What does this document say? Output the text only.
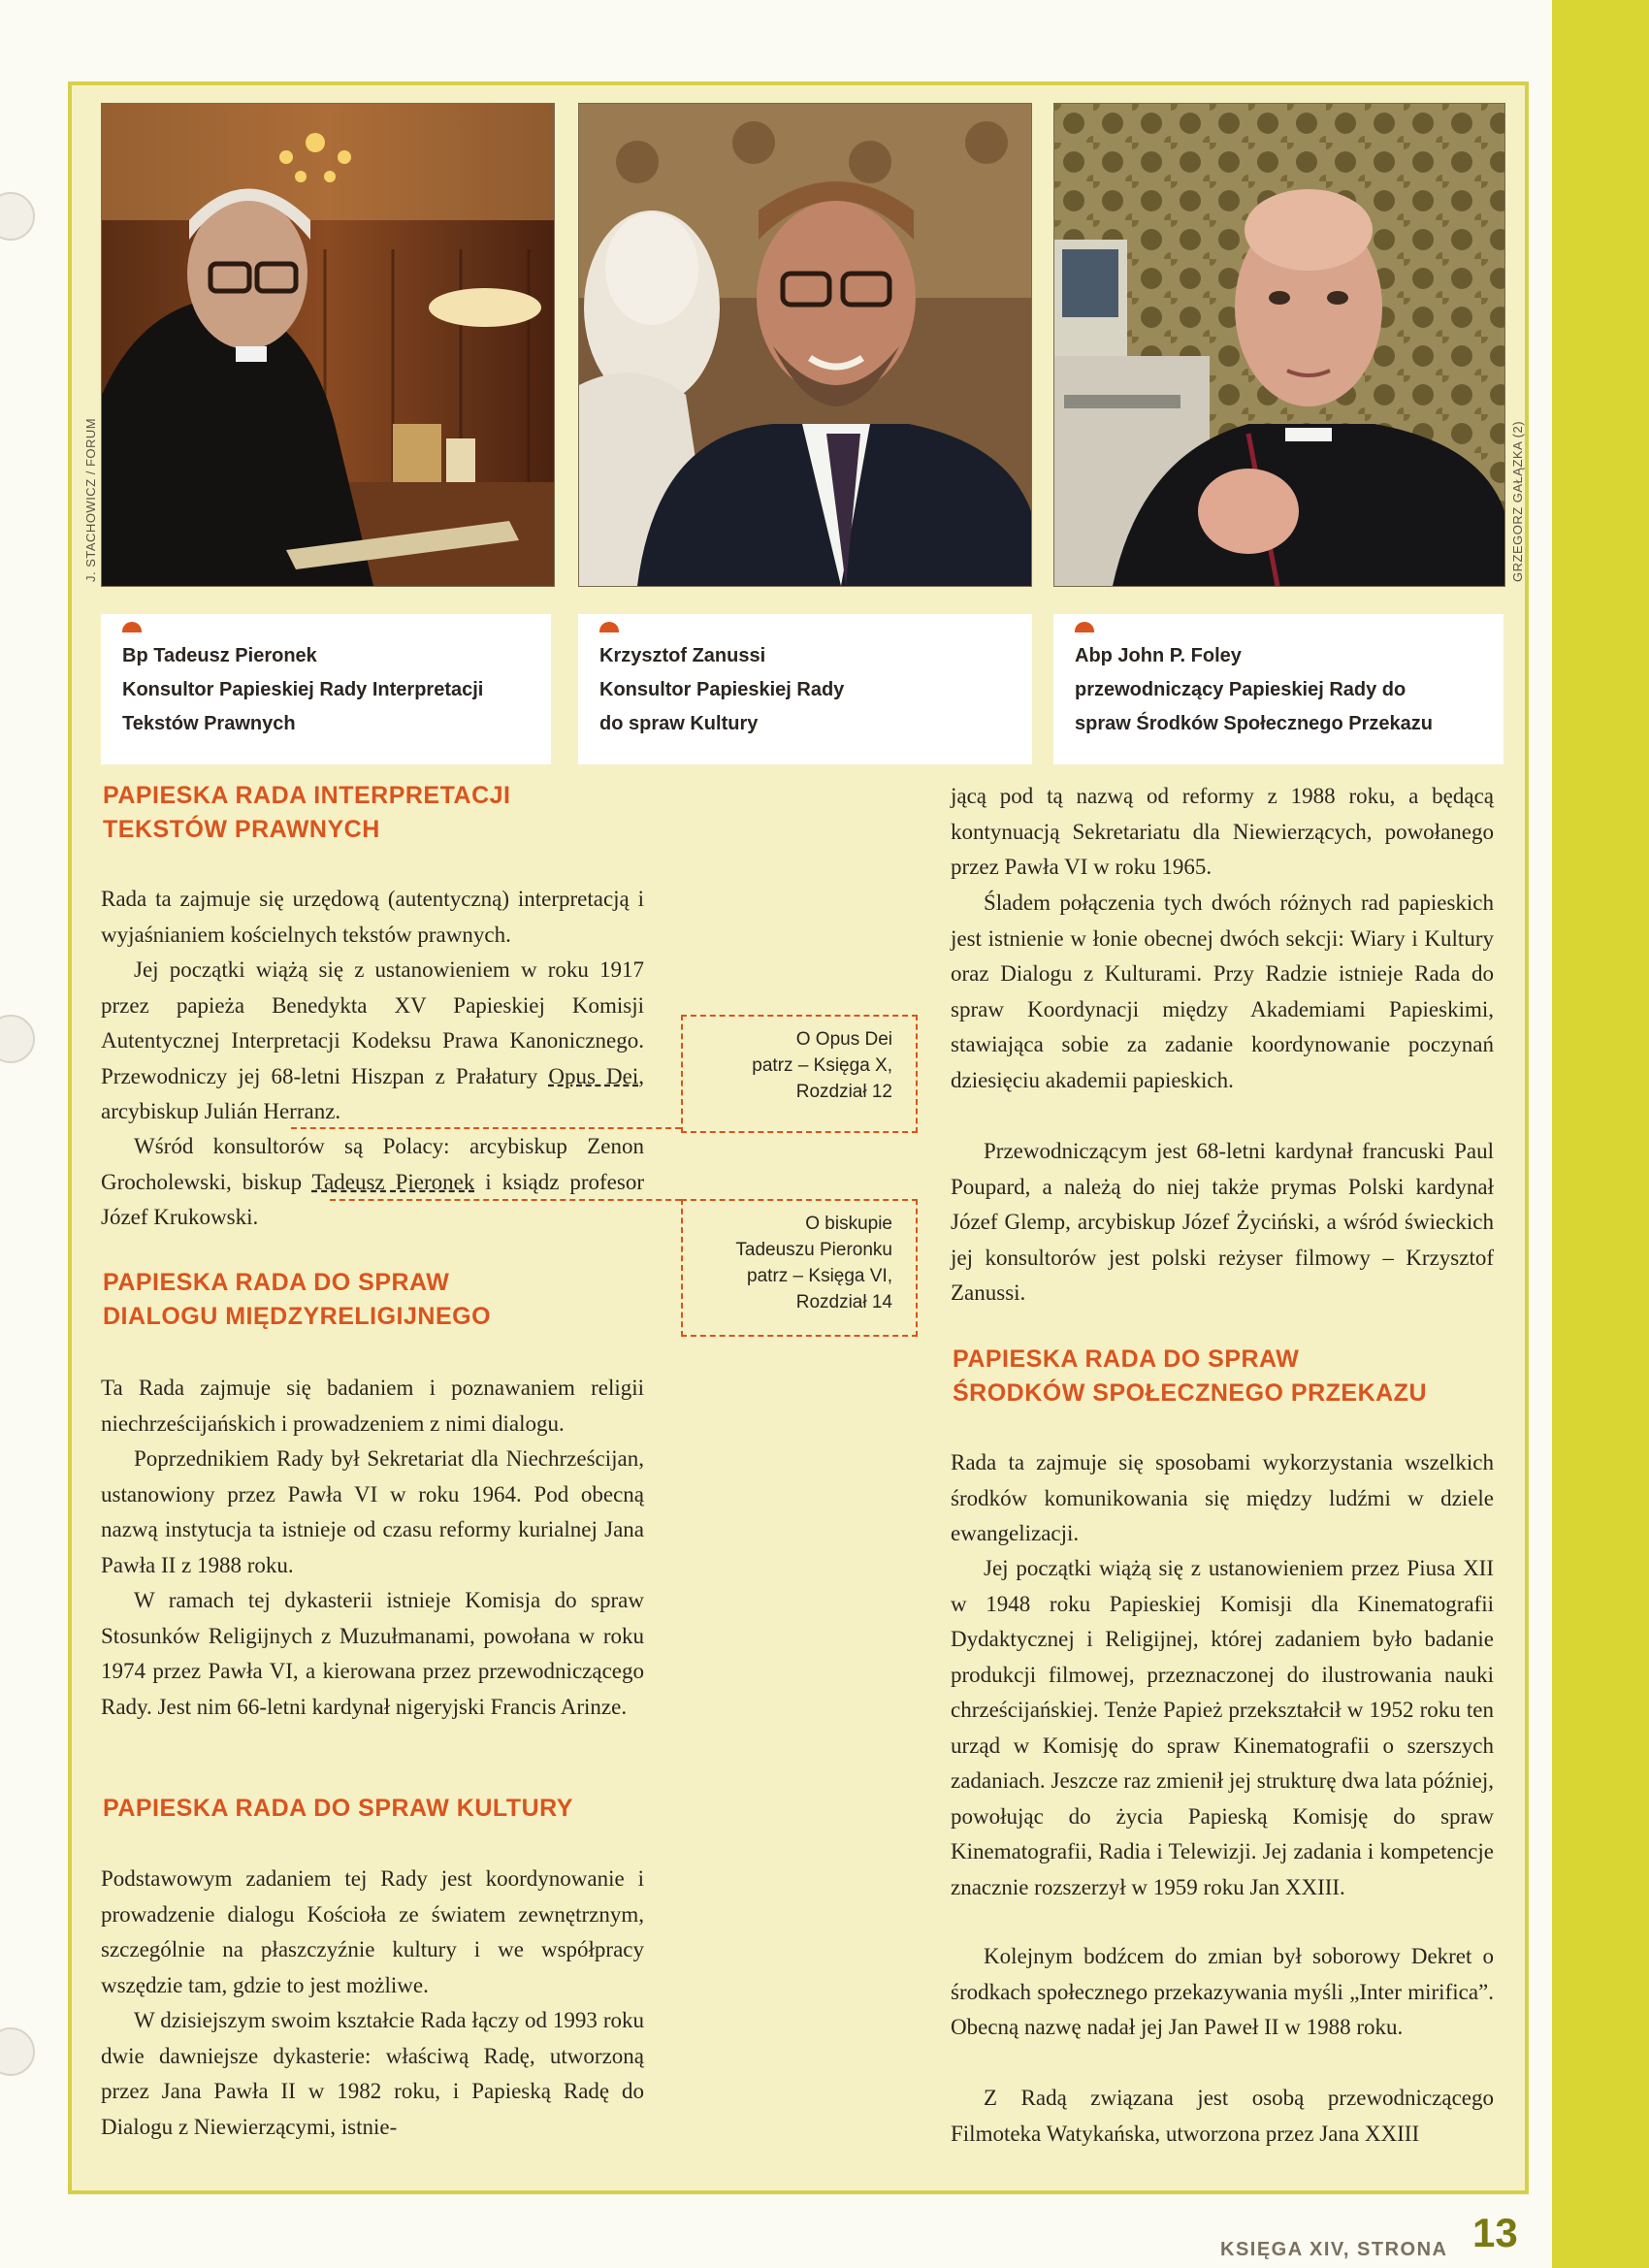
J. STACHOWICZ / FORUM	GRZEGORZ GAŁĄZKA (2)
Bp Tadeusz Pieronek
Konsultor Papieskiej Rady Interpretacji
Tekstów Prawnych
Krzysztof Zanussi
Konsultor Papieskiej Rady
do spraw Kultury
Abp John P. Foley
przewodniczący Papieskiej Rady do
spraw Środków Społecznego Przekazu
PAPIESKA RADA INTERPRETACJI
TEKSTÓW PRAWNYCH

Rada ta zajmuje się urzędową (autentyczną) interpretacją i wyjaśnianiem kościelnych tekstów prawnych.

Jej początki wiążą się z ustanowieniem w roku 1917 przez papieża Benedykta XV Papieskiej Komisji Autentycznej Interpretacji Kodeksu Prawa Kanonicznego. Przewodniczy jej 68-letni Hiszpan z Prałatury Opus Dei, arcybiskup Julián Herranz.

Wśród konsultorów są Polacy: arcybiskup Zenon Grocholewski, biskup Tadeusz Pieronek i ksiądz profesor Józef Krukowski.

PAPIESKA RADA DO SPRAW
DIALOGU MIĘDZYRELIGIJNEGO

Ta Rada zajmuje się badaniem i poznawaniem religii niechrześcijańskich i prowadzeniem z nimi dialogu.

Poprzednikiem Rady był Sekretariat dla Niechrześcijan, ustanowiony przez Pawła VI w roku 1964. Pod obecną nazwą instytucja ta istnieje od czasu reformy kurialnej Jana Pawła II z 1988 roku.

W ramach tej dykasterii istnieje Komisja do spraw Stosunków Religijnych z Muzułmanami, powołana w roku 1974 przez Pawła VI, a kierowana przez przewodniczącego Rady. Jest nim 66-letni kardynał nigeryjski Francis Arinze.

PAPIESKA RADA DO SPRAW KULTURY

Podstawowym zadaniem tej Rady jest koordynowanie i prowadzenie dialogu Kościoła ze światem zewnętrznym, szczególnie na płaszczyźnie kultury i we współpracy wszędzie tam, gdzie to jest możliwe.

W dzisiejszym swoim kształcie Rada łączy od 1993 roku dwie dawniejsze dykasterie: właściwą Radę, utworzoną przez Jana Pawła II w 1982 roku, i Papieską Radę do Dialogu z Niewierzącymi, istnie-

O Opus Dei
patrz – Księga X,
Rozdział 12
O biskupie
Tadeuszu Pieronku
patrz – Księga VI,
Rozdział 14

jącą pod tą nazwą od reformy z 1988 roku, a będącą kontynuacją Sekretariatu dla Niewierzących, powołanego przez Pawła VI w roku 1965.

Śladem połączenia tych dwóch różnych rad papieskich jest istnienie w łonie obecnej dwóch sekcji: Wiary i Kultury oraz Dialogu z Kulturami. Przy Radzie istnieje Rada do spraw Koordynacji między Akademiami Papieskimi, stawiająca sobie za zadanie koordynowanie poczynań dziesięciu akademii papieskich.

Przewodniczącym jest 68-letni kardynał francuski Paul Poupard, a należą do niej także prymas Polski kardynał Józef Glemp, arcybiskup Józef Życiński, a wśród świeckich jej konsultorów jest polski reżyser filmowy – Krzysztof Zanussi.

PAPIESKA RADA DO SPRAW
ŚRODKÓW SPOŁECZNEGO PRZEKAZU

Rada ta zajmuje się sposobami wykorzystania wszelkich środków komunikowania się między ludźmi w dziele ewangelizacji.

Jej początki wiążą się z ustanowieniem przez Piusa XII w 1948 roku Papieskiej Komisji dla Kinematografii Dydaktycznej i Religijnej, której zadaniem było badanie produkcji filmowej, przeznaczonej do ilustrowania nauki chrześcijańskiej. Tenże Papież przekształcił w 1952 roku ten urząd w Komisję do spraw Kinematografii o szerszych zadaniach. Jeszcze raz zmienił jej strukturę dwa lata później, powołując do życia Papieską Komisję do spraw Kinematografii, Radia i Telewizji. Jej zadania i kompetencje znacznie rozszerzył w 1959 roku Jan XXIII.

Kolejnym bodźcem do zmian był soborowy Dekret o środkach społecznego przekazywania myśli „Inter mirifica”. Obecną nazwę nadał jej Jan Paweł II w 1988 roku.

Z Radą związana jest osobą przewodniczącego Filmoteka Watykańska, utworzona przez Jana XXIII

KSIĘGA XIV, STRONA 13
